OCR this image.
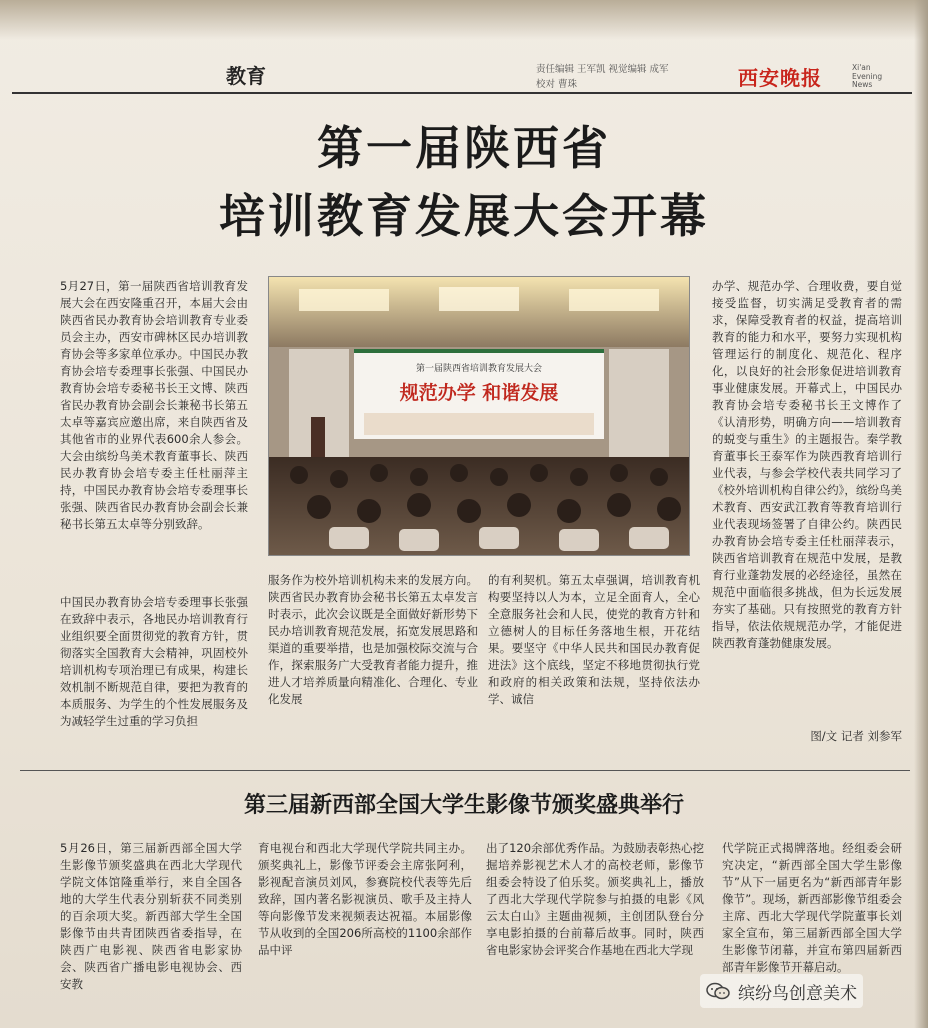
教育	责任编辑 王军凯 视觉编辑 成军
校对 曹珠	西安晚报	Xi'an Evening News
第一届陕西省
培训教育发展大会开幕
5月27日，第一届陕西省培训教育发展大会在西安隆重召开，本届大会由陕西省民办教育协会培训教育专业委员会主办，西安市碑林区民办培训教育协会等多家单位承办。中国民办教育协会培专委理事长张强、中国民办教育协会培专委秘书长王文博、陕西省民办教育协会副会长兼秘书长第五太卓等嘉宾应邀出席，来自陕西省及其他省市的业界代表600余人参会。大会由缤纷鸟美术教育董事长、陕西民办教育协会培专委主任杜丽萍主持，中国民办教育协会培专委理事长张强、陕西省民办教育协会副会长兼秘书长第五太卓等分别致辞。
中国民办教育协会培专委理事长张强在致辞中表示，各地民办培训教育行业组织要全面贯彻党的教育方针，贯彻落实全国教育大会精神，巩固校外培训机构专项治理已有成果，构建长效机制不断规范自律，要把为教育的本质服务、为学生的个性发展服务及为减轻学生过重的学习负担
第一届陕西省培训教育发展大会
规范办学 和谐发展
服务作为校外培训机构未来的发展方向。陕西省民办教育协会秘书长第五太卓发言时表示，此次会议既是全面做好新形势下民办培训教育规范发展，拓宽发展思路和渠道的重要举措，也是加强校际交流与合作，探索服务广大受教育者能力提升，推进人才培养质量向精准化、合理化、专业化发展
的有利契机。第五太卓强调，培训教育机构要坚持以人为本，立足全面育人，全心全意服务社会和人民，使党的教育方针和立德树人的目标任务落地生根，开花结果。要坚守《中华人民共和国民办教育促进法》这个底线，坚定不移地贯彻执行党和政府的相关政策和法规，坚持依法办学、诚信
办学、规范办学、合理收费，要自觉接受监督，切实满足受教育者的需求，保障受教育者的权益，提高培训教育的能力和水平，要努力实现机构管理运行的制度化、规范化、程序化，以良好的社会形象促进培训教育事业健康发展。开幕式上，中国民办教育协会培专委秘书长王文博作了《认清形势，明确方向——培训教育的蜕变与重生》的主题报告。秦学教育董事长王泰军作为陕西教育培训行业代表，与参会学校代表共同学习了《校外培训机构自律公约》，缤纷鸟美术教育、西安武江教育等教育培训行业代表现场签署了自律公约。陕西民办教育协会培专委主任杜丽萍表示，陕西省培训教育在规范中发展，是教育行业蓬勃发展的必经途径，虽然在规范中面临很多挑战，但为长远发展夯实了基础。只有按照党的教育方针指导，依法依规规范办学，才能促进陕西教育蓬勃健康发展。
图/文 记者 刘参军
第三届新西部全国大学生影像节颁奖盛典举行
5月26日，第三届新西部全国大学生影像节颁奖盛典在西北大学现代学院文体馆隆重举行，来自全国各地的大学生代表分别斩获不同类别的百余项大奖。新西部大学生全国影像节由共青团陕西省委指导，在陕西广电影视、陕西省电影家协会、陕西省广播电影电视协会、西安教
育电视台和西北大学现代学院共同主办。颁奖典礼上，影像节评委会主席张阿利，影视配音演员刘风，参赛院校代表等先后致辞，国内著名影视演员、歌手及主持人等向影像节发来视频表达祝福。本届影像节从收到的全国206所高校的1100余部作品中评
出了120余部优秀作品。为鼓励表彰热心挖掘培养影视艺术人才的高校老师，影像节组委会特设了伯乐奖。颁奖典礼上，播放了西北大学现代学院参与拍摄的电影《风云太白山》主题曲视频，主创团队登台分享电影拍摄的台前幕后故事。同时，陕西省电影家协会评奖合作基地在西北大学现
代学院正式揭牌落地。经组委会研究决定，“新西部全国大学生影像节”从下一届更名为“新西部青年影像节”。现场，新西部影像节组委会主席、西北大学现代学院董事长刘家全宣布，第三届新西部全国大学生影像节闭幕，并宣布第四届新西部青年影像节开幕启动。
缤纷鸟创意美术
